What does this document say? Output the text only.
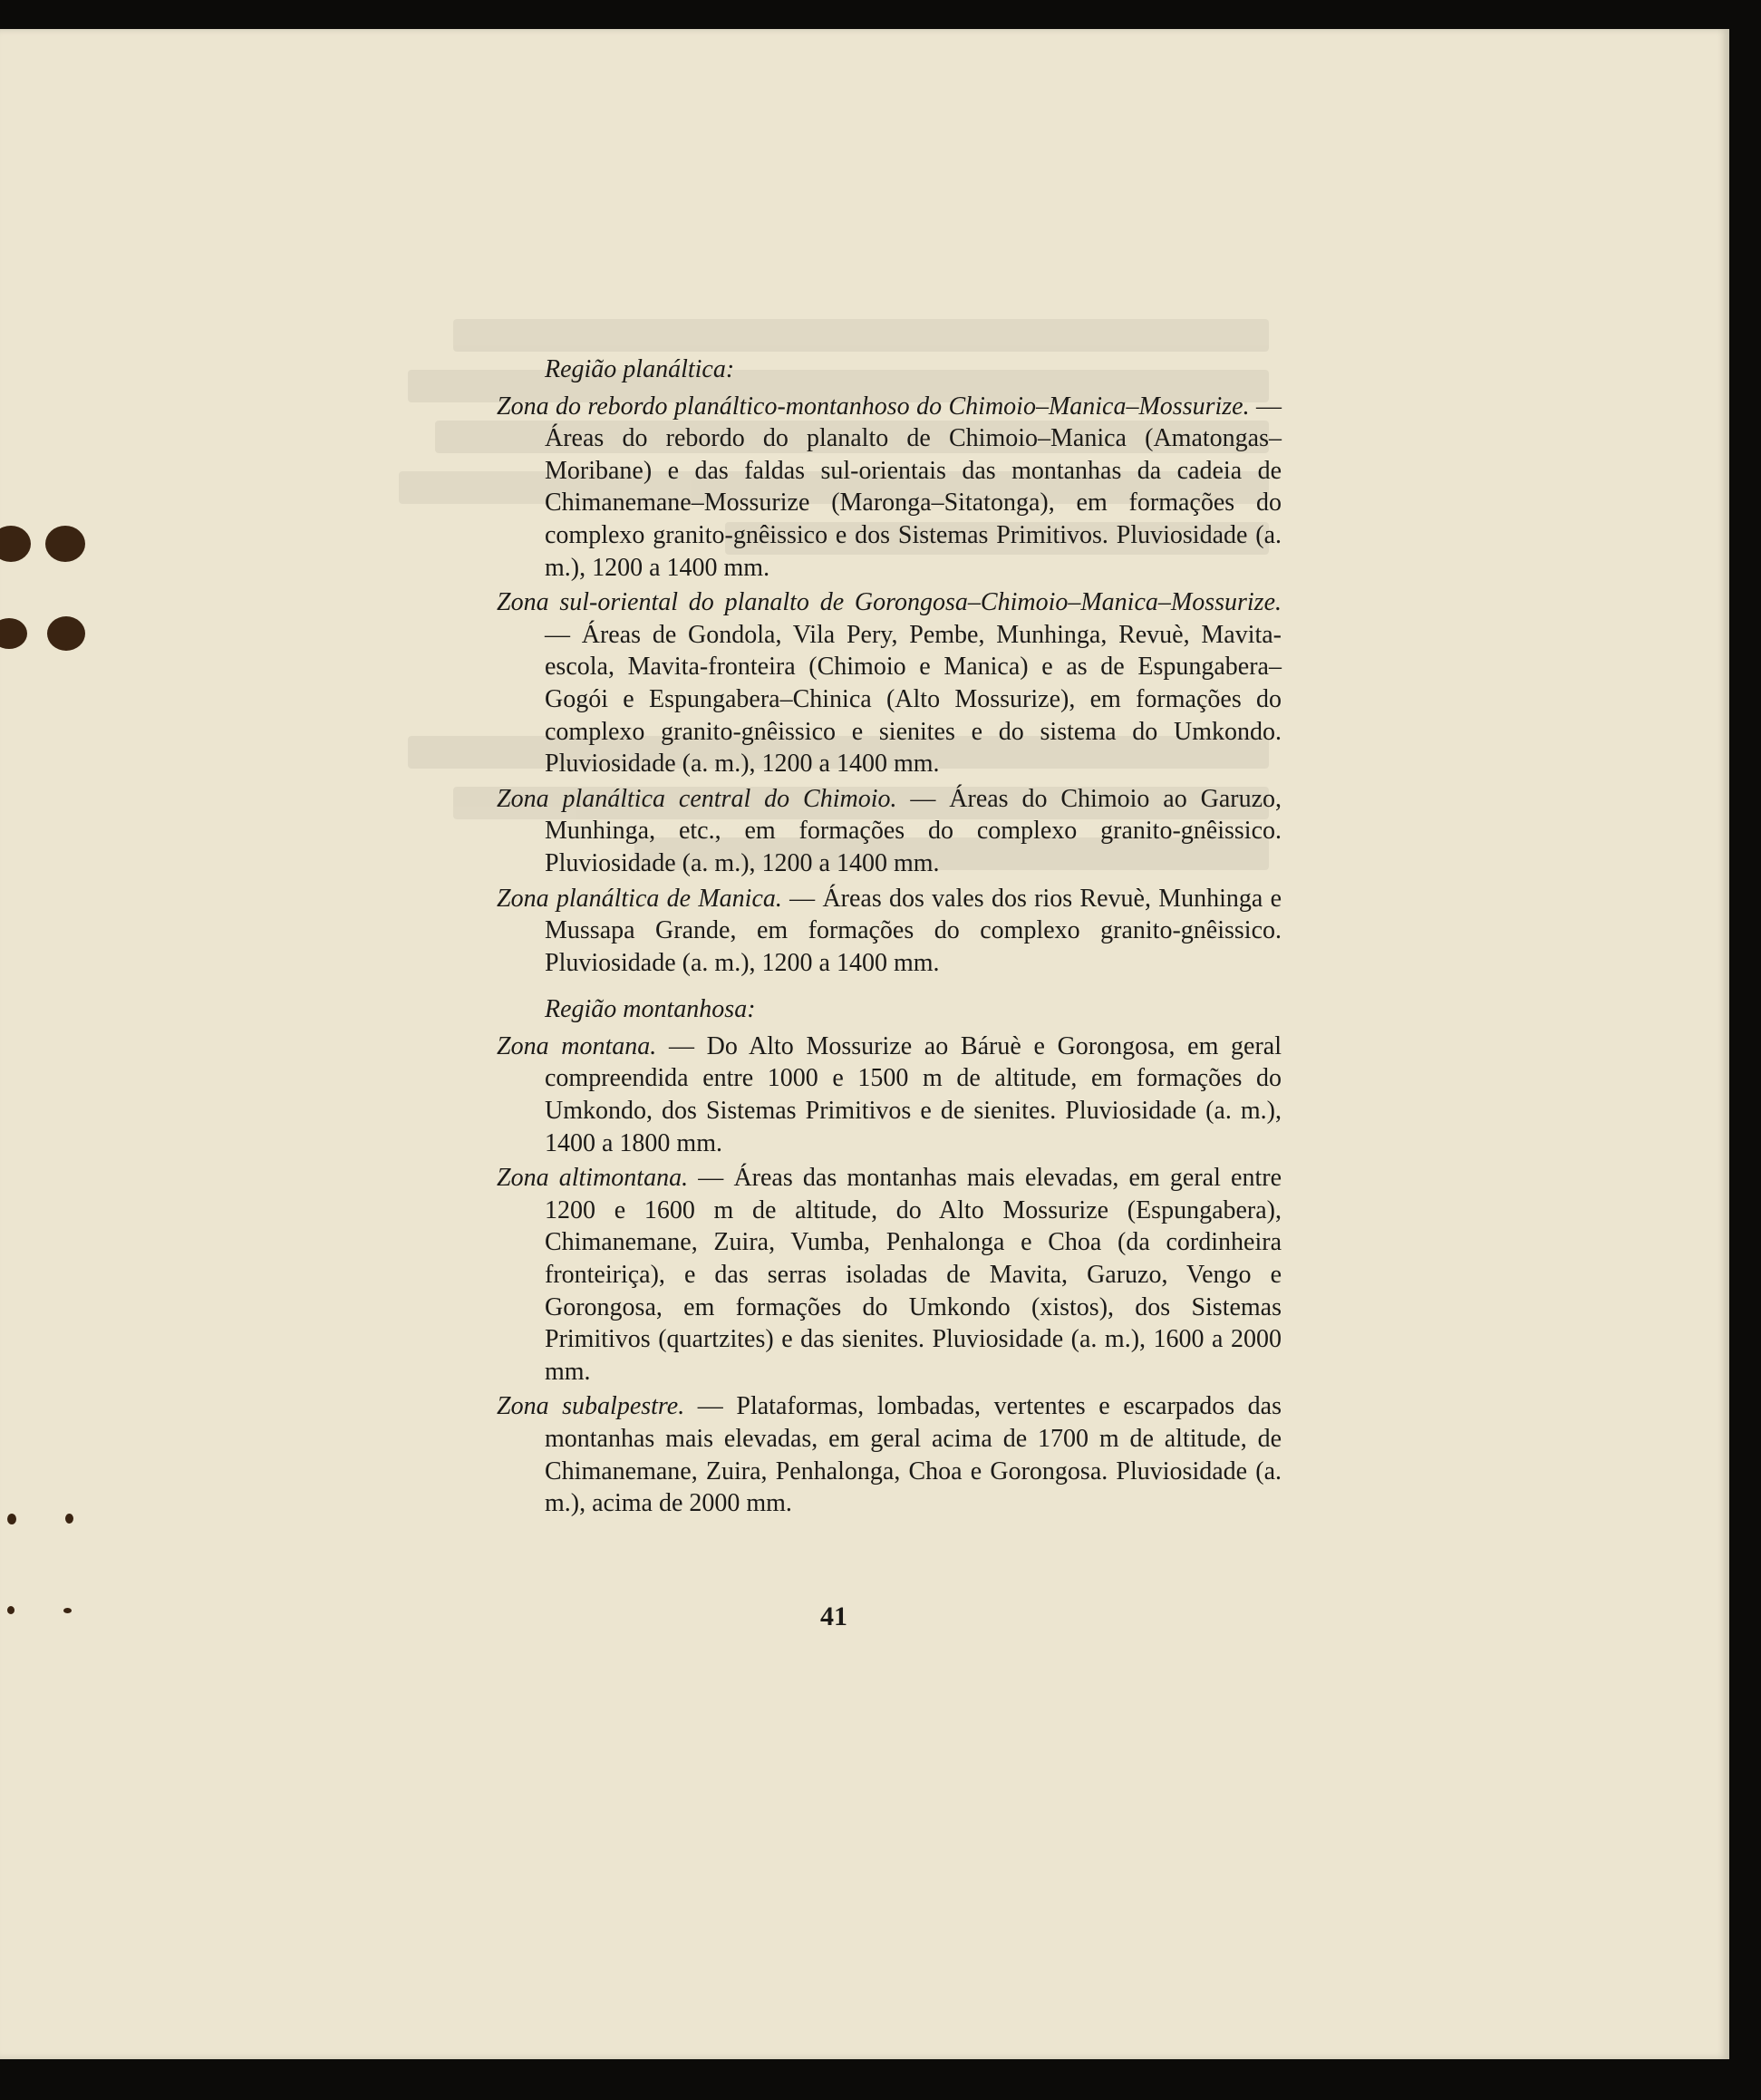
Região planáltica:

Zona do rebordo planáltico-montanhoso do Chimoio–Manica–Mossurize. — Áreas do rebordo do planalto de Chimoio–Manica (Amatongas–Moribane) e das faldas sul-orientais das montanhas da cadeia de Chimanemane–Mossurize (Maronga–Sitatonga), em formações do complexo granito-gnêissico e dos Sistemas Primitivos. Pluviosidade (a. m.), 1200 a 1400 mm.

Zona sul-oriental do planalto de Gorongosa–Chimoio–Manica–Mossurize. — Áreas de Gondola, Vila Pery, Pembe, Munhinga, Revuè, Mavita-escola, Mavita-fronteira (Chimoio e Manica) e as de Espungabera–Gogói e Espungabera–Chinica (Alto Mossurize), em formações do complexo granito-gnêissico e sienites e do sistema do Umkondo. Pluviosidade (a. m.), 1200 a 1400 mm.

Zona planáltica central do Chimoio. — Áreas do Chimoio ao Garuzo, Munhinga, etc., em formações do complexo granito-gnêissico. Pluviosidade (a. m.), 1200 a 1400 mm.

Zona planáltica de Manica. — Áreas dos vales dos rios Revuè, Munhinga e Mussapa Grande, em formações do complexo granito-gnêissico. Pluviosidade (a. m.), 1200 a 1400 mm.

Região montanhosa:

Zona montana. — Do Alto Mossurize ao Báruè e Gorongosa, em geral compreendida entre 1000 e 1500 m de altitude, em formações do Umkondo, dos Sistemas Primitivos e de sienites. Pluviosidade (a. m.), 1400 a 1800 mm.

Zona altimontana. — Áreas das montanhas mais elevadas, em geral entre 1200 e 1600 m de altitude, do Alto Mossurize (Espungabera), Chimanemane, Zuira, Vumba, Penhalonga e Choa (da cordinheira fronteiriça), e das serras isoladas de Mavita, Garuzo, Vengo e Gorongosa, em formações do Umkondo (xistos), dos Sistemas Primitivos (quartzites) e das sienites. Pluviosidade (a. m.), 1600 a 2000 mm.

Zona subalpestre. — Plataformas, lombadas, vertentes e escarpados das montanhas mais elevadas, em geral acima de 1700 m de altitude, de Chimanemane, Zuira, Penhalonga, Choa e Gorongosa. Pluviosidade (a. m.), acima de 2000 mm.

41
